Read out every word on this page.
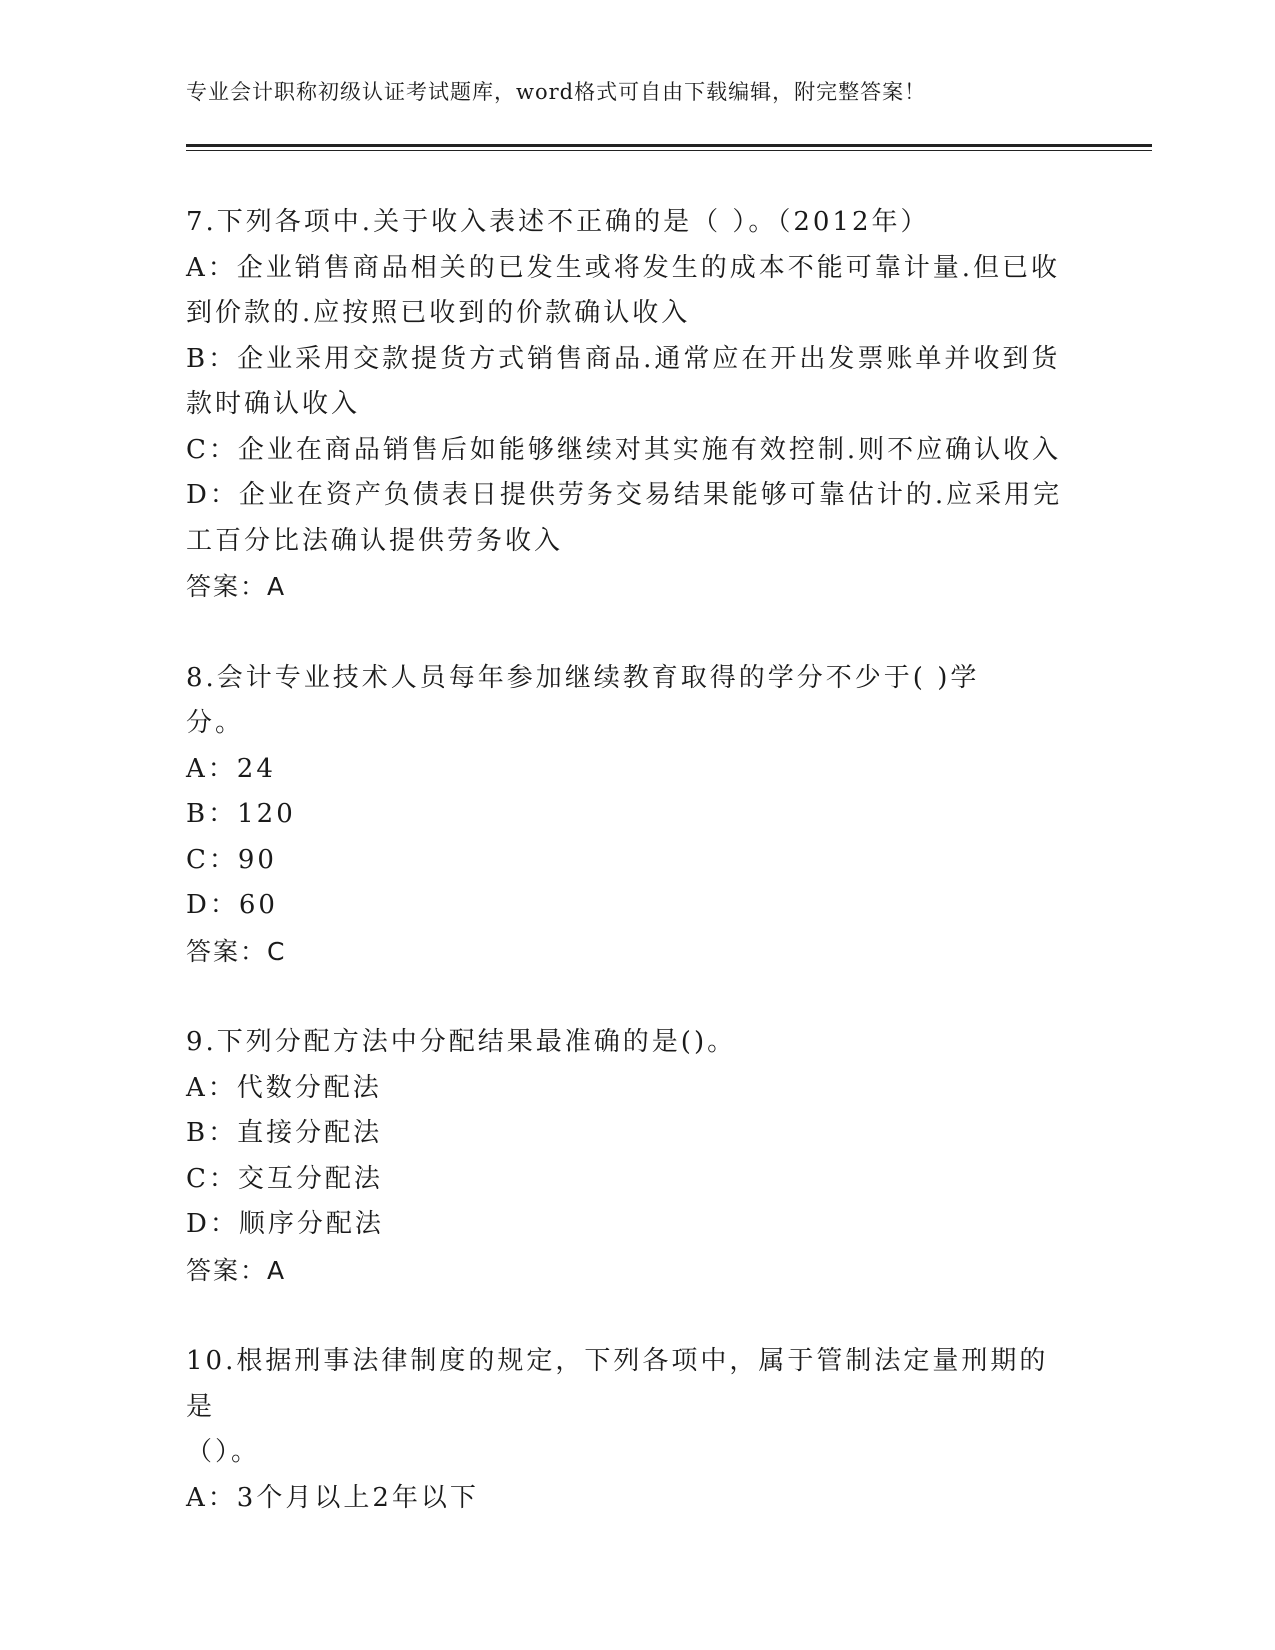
专业会计职称初级认证考试题库，word格式可自由下载编辑，附完整答案！

7.下列各项中.关于收入表述不正确的是（ ）。（2012年）

A：企业销售商品相关的已发生或将发生的成本不能可靠计量.但已收

到价款的.应按照已收到的价款确认收入

B：企业采用交款提货方式销售商品.通常应在开出发票账单并收到货

款时确认收入

C：企业在商品销售后如能够继续对其实施有效控制.则不应确认收入

D：企业在资产负债表日提供劳务交易结果能够可靠估计的.应采用完

工百分比法确认提供劳务收入

答案：A

8.会计专业技术人员每年参加继续教育取得的学分不少于( )学

分。

A：24

B：120

C：90

D：60

答案：C

9.下列分配方法中分配结果最准确的是()。

A：代数分配法

B：直接分配法

C：交互分配法

D：顺序分配法

答案：A

10.根据刑事法律制度的规定，下列各项中，属于管制法定量刑期的是

（）。

A：3个月以上2年以下
